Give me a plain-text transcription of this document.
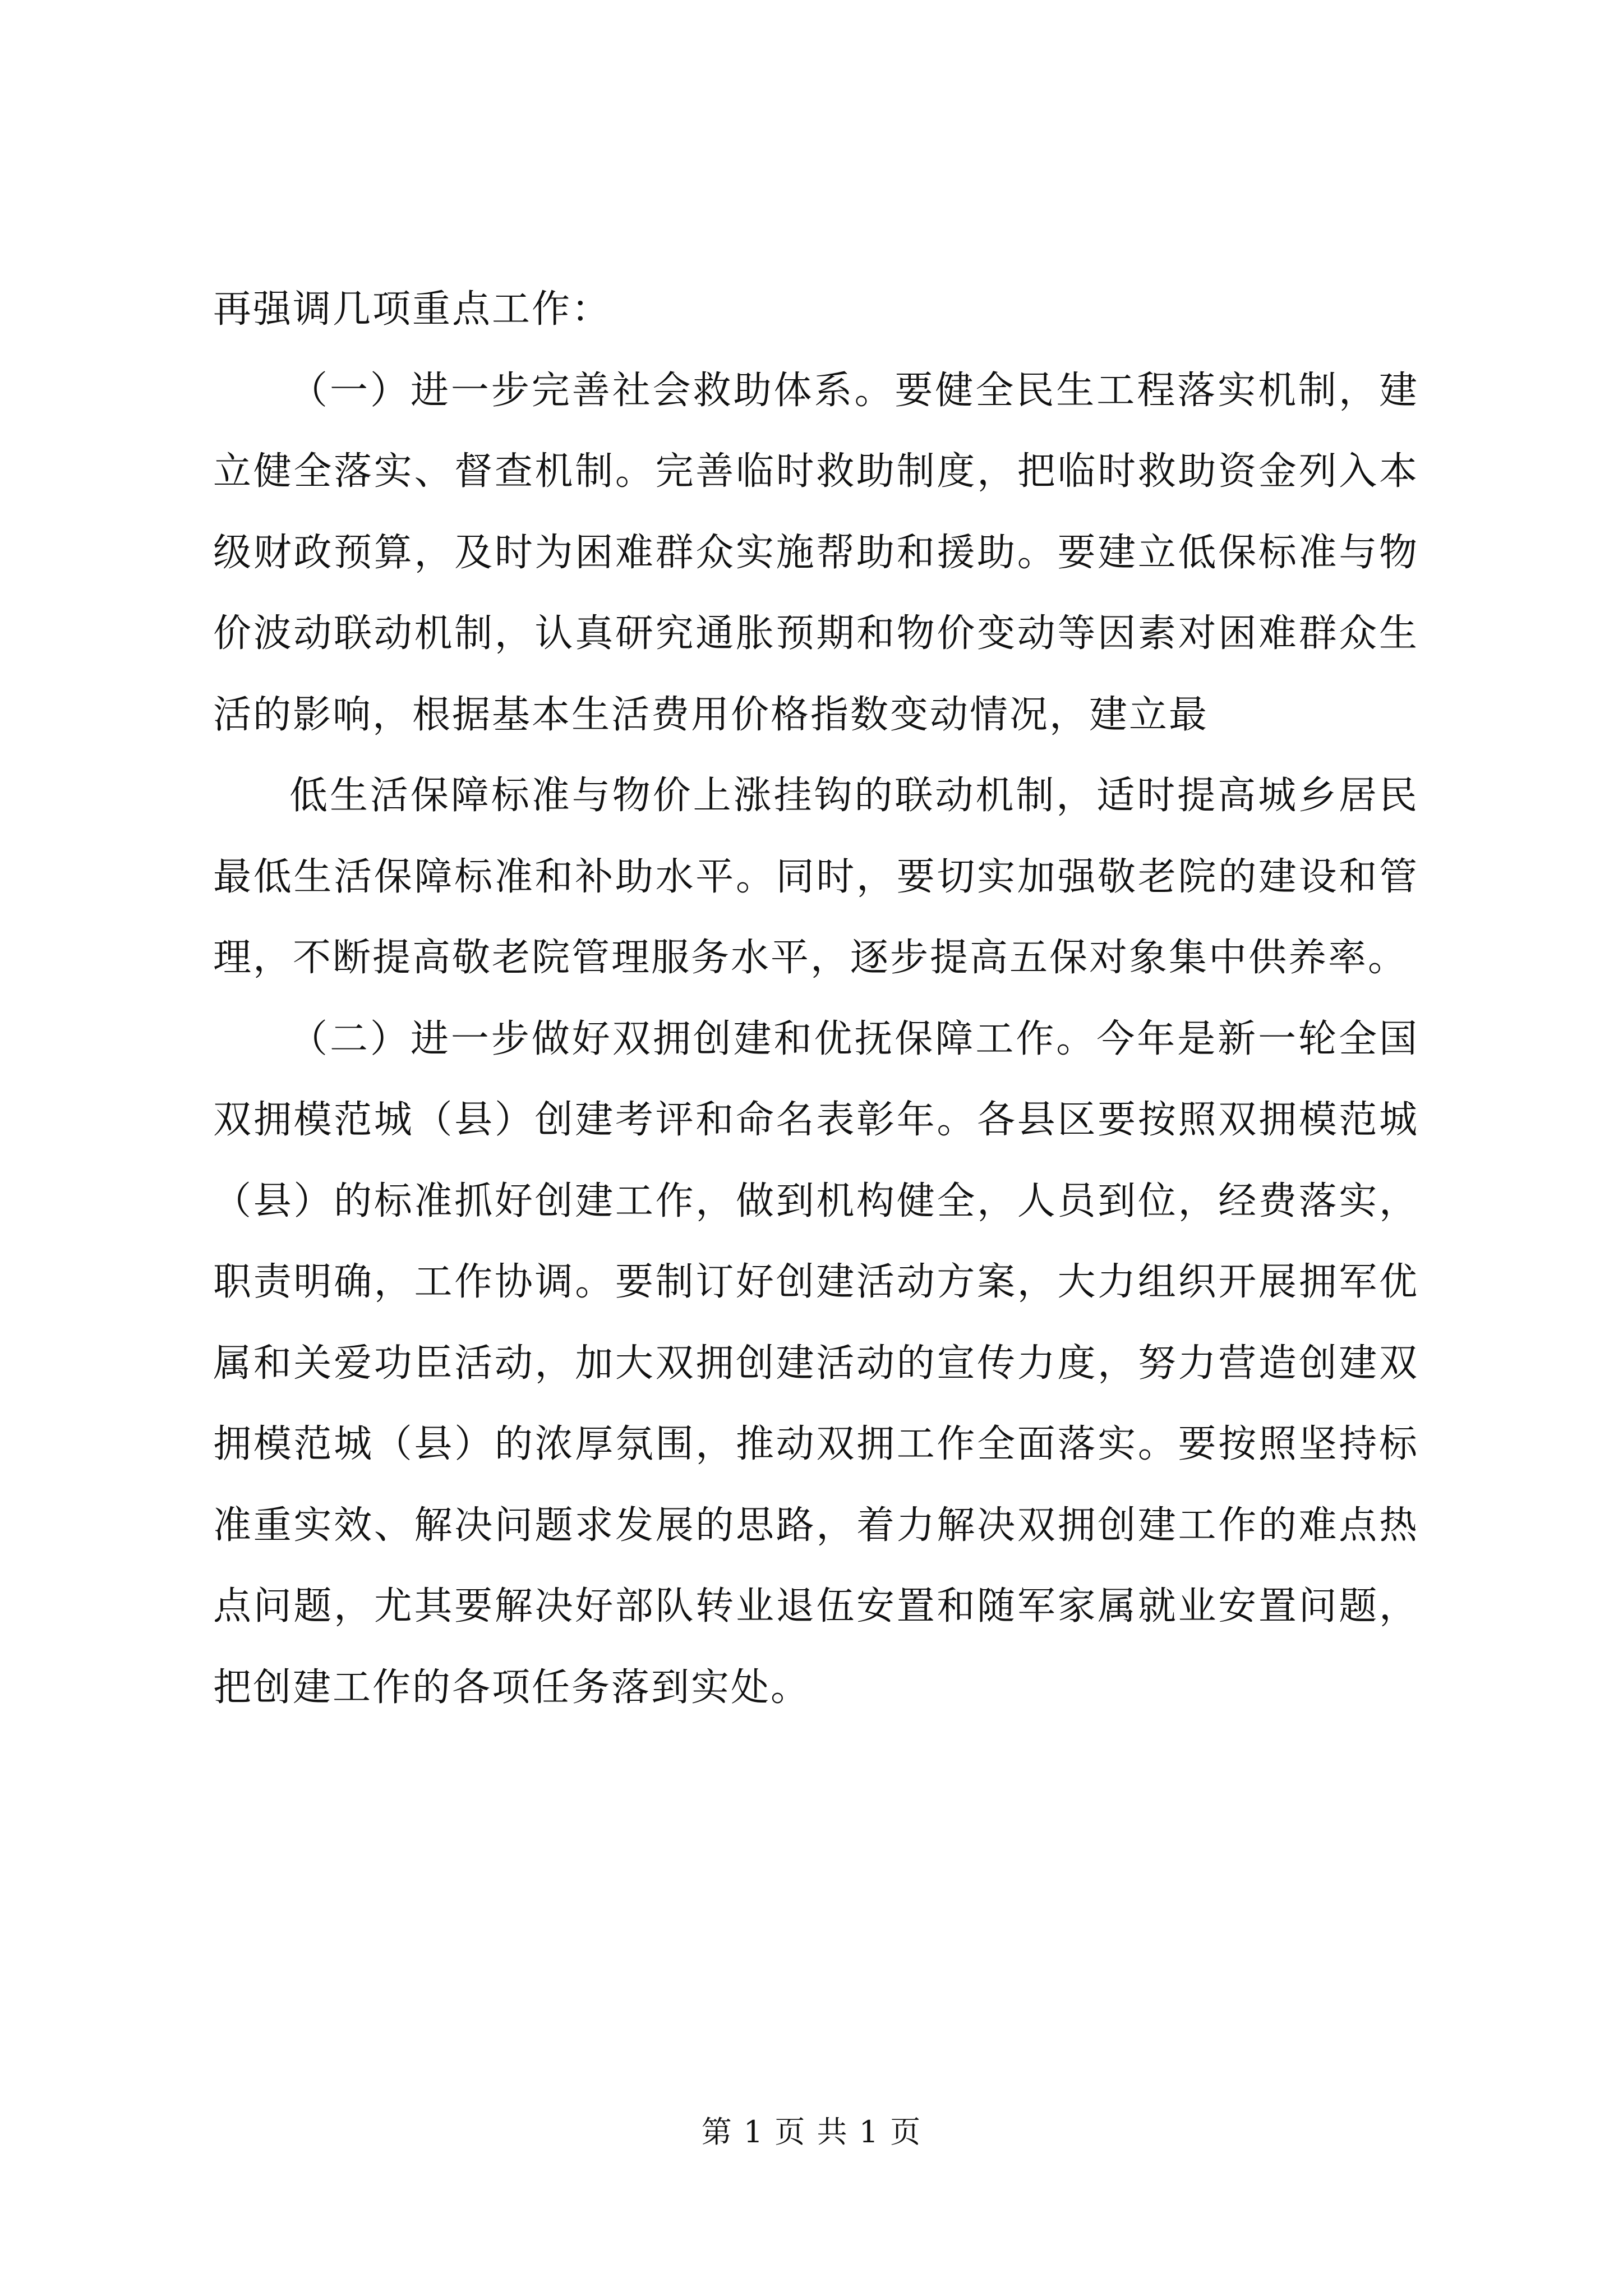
再强调几项重点工作：

（一）进一步完善社会救助体系。要健全民生工程落实机制，建立健全落实、督查机制。完善临时救助制度，把临时救助资金列入本级财政预算，及时为困难群众实施帮助和援助。要建立低保标准与物价波动联动机制，认真研究通胀预期和物价变动等因素对困难群众生活的影响，根据基本生活费用价格指数变动情况，建立最

低生活保障标准与物价上涨挂钩的联动机制，适时提高城乡居民最低生活保障标准和补助水平。同时，要切实加强敬老院的建设和管理，不断提高敬老院管理服务水平，逐步提高五保对象集中供养率。

（二）进一步做好双拥创建和优抚保障工作。今年是新一轮全国双拥模范城（县）创建考评和命名表彰年。各县区要按照双拥模范城（县）的标准抓好创建工作，做到机构健全，人员到位，经费落实，职责明确，工作协调。要制订好创建活动方案，大力组织开展拥军优属和关爱功臣活动，加大双拥创建活动的宣传力度，努力营造创建双拥模范城（县）的浓厚氛围，推动双拥工作全面落实。要按照坚持标准重实效、解决问题求发展的思路，着力解决双拥创建工作的难点热点问题，尤其要解决好部队转业退伍安置和随军家属就业安置问题，把创建工作的各项任务落到实处。

第 1 页 共 1 页
